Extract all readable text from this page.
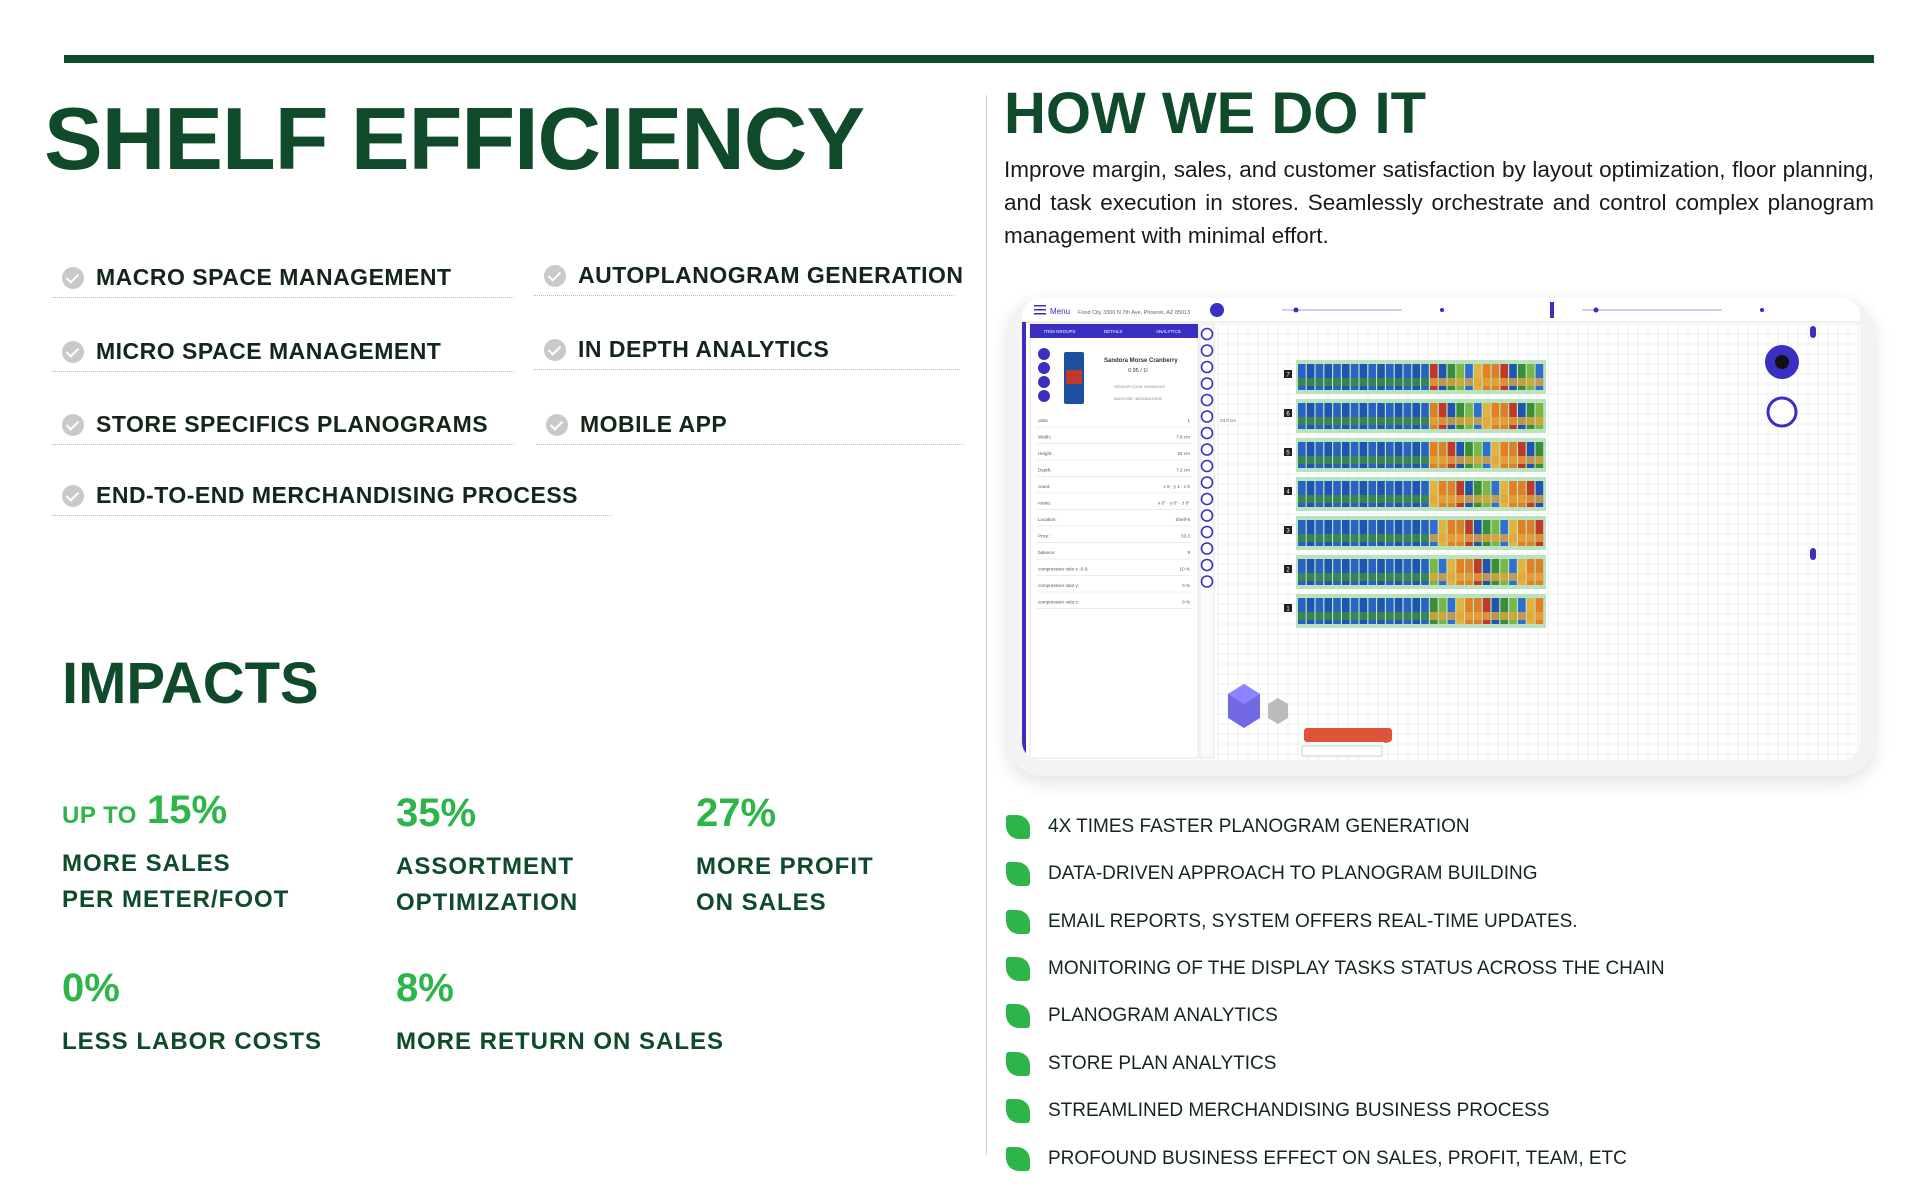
SHELF EFFICIENCY
MACRO SPACE MANAGEMENT	AUTOPLANOGRAM GENERATION
MICRO SPACE MANAGEMENT	IN DEPTH ANALYTICS
STORE SPECIFICS PLANOGRAMS	MOBILE APP
END-TO-END MERCHANDISING PROCESS
IMPACTS
UP TO 15%
MORE SALES
PER METER/FOOT
35%
ASSORTMENT
OPTIMIZATION
27%
MORE PROFIT
ON SALES
0%
LESS LABOR COSTS
8%
MORE RETURN ON SALES
HOW WE DO IT

Improve margin, sales, and customer satisfaction by layout optimization, floor planning, and task execution in stores. Seamlessly orchestrate and control complex planogram management with minimal effort.

Menu Food City 3300 N 7th Ave, Phoenix, AZ 85013
ITEM GROUPS	DETAILS	ANALYTICS
Sandora Morse Cranberry
0.95 / 1l
VENDOR CODE: MA0001002
BARCODE: 4823063113002
units	1
Width:	7.8 cm
Height:	24 cm
Depth:	7.2 cm
count:	x 9 · y 1 · z 6
rotate:	x 0° · y 0° · z 0°
Location:	Shelf-6
Price:	33.3
balance:	9
compression ratio x -0.8:	10 %
compression ratio y:	0 %
compression ratio z:	0 %
24.0 cm
7
6
5
4
3
2
1
4X TIMES FASTER PLANOGRAM GENERATION
DATA-DRIVEN APPROACH TO PLANOGRAM BUILDING
EMAIL REPORTS, SYSTEM OFFERS REAL-TIME UPDATES.
MONITORING OF THE DISPLAY TASKS STATUS ACROSS THE CHAIN
PLANOGRAM ANALYTICS
STORE PLAN ANALYTICS
STREAMLINED MERCHANDISING BUSINESS PROCESS
PROFOUND BUSINESS EFFECT ON SALES, PROFIT, TEAM, ETC
